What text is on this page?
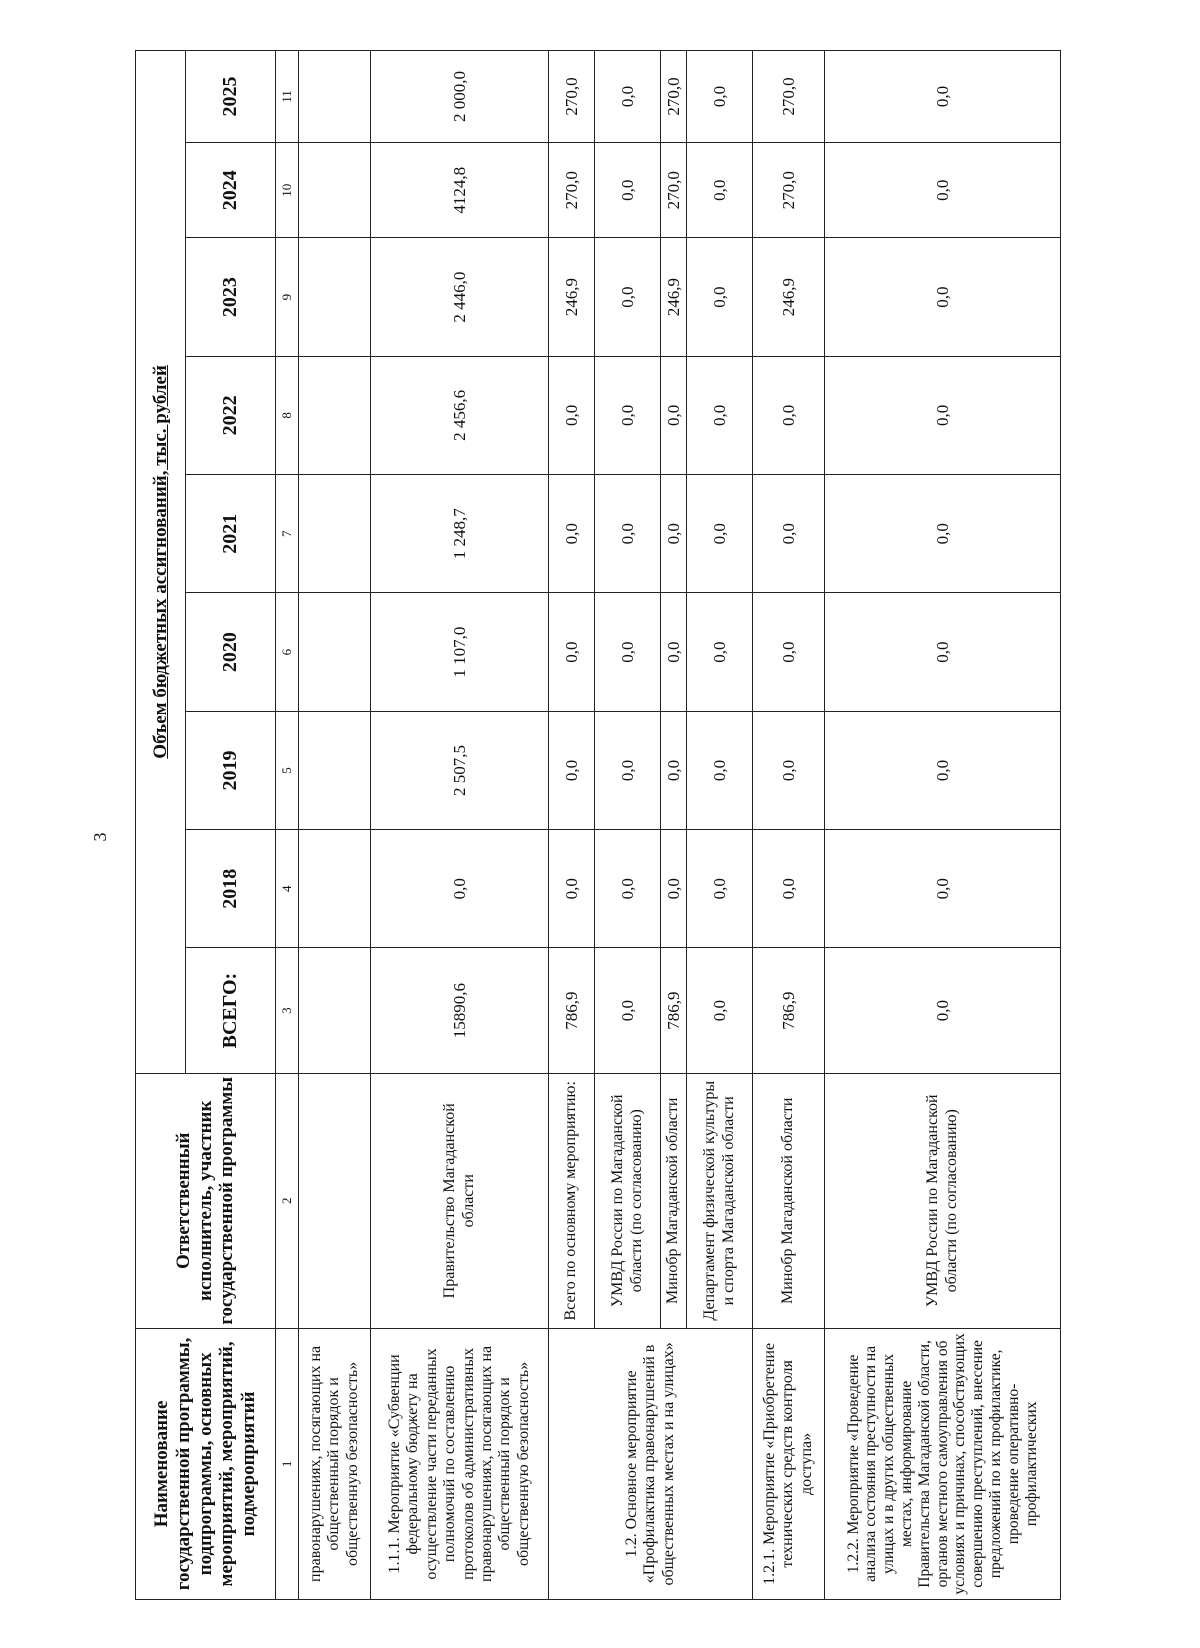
3
Наименование государственной программы, подпрограммы, основных мероприятий, мероприятий, подмероприятий	Ответственный исполнитель, участник государственной программы	Объем бюджетных ассигнований, тыс. рублей								
		ВСЕГО:	2018	2019	2020	2021	2022	2023	2024	2025
1	2	3	4	5	6	7	8	9	10	11
правонарушениях, посягающих на общественный порядок и общественную безопасность»										
1.1.1. Мероприятие «Субвенции федеральному бюджету на осуществление части переданных полномочий по составлению протоколов об административных правонарушениях, посягающих на общественный порядок и общественную безопасность»	Правительство Магаданской области	15890,6	0,0	2 507,5	1 107,0	1 248,7	2 456,6	2 446,0	4124,8	2 000,0
1.2. Основное мероприятие «Профилактика правонарушений в общественных местах и на улицах»	Всего по основному мероприятию:	786,9	0,0	0,0	0,0	0,0	0,0	246,9	270,0	270,0
	УМВД России по Магаданской области (по согласованию)	0,0	0,0	0,0	0,0	0,0	0,0	0,0	0,0	0,0
	Минобр Магаданской области	786,9	0,0	0,0	0,0	0,0	0,0	246,9	270,0	270,0
	Департамент физической культуры и спорта Магаданской области	0,0	0,0	0,0	0,0	0,0	0,0	0,0	0,0	0,0
1.2.1. Мероприятие «Приобретение технических средств контроля доступа»	Минобр Магаданской области	786,9	0,0	0,0	0,0	0,0	0,0	246,9	270,0	270,0
1.2.2. Мероприятие «Проведение анализа состояния преступности на улицах и в других общественных местах, информирование Правительства Магаданской области, органов местного самоуправления об условиях и причинах, способствующих совершению преступлений, внесение предложений по их профилактике, проведение оперативно-профилактических	УМВД России по Магаданской области (по согласованию)	0,0	0,0	0,0	0,0	0,0	0,0	0,0	0,0	0,0
